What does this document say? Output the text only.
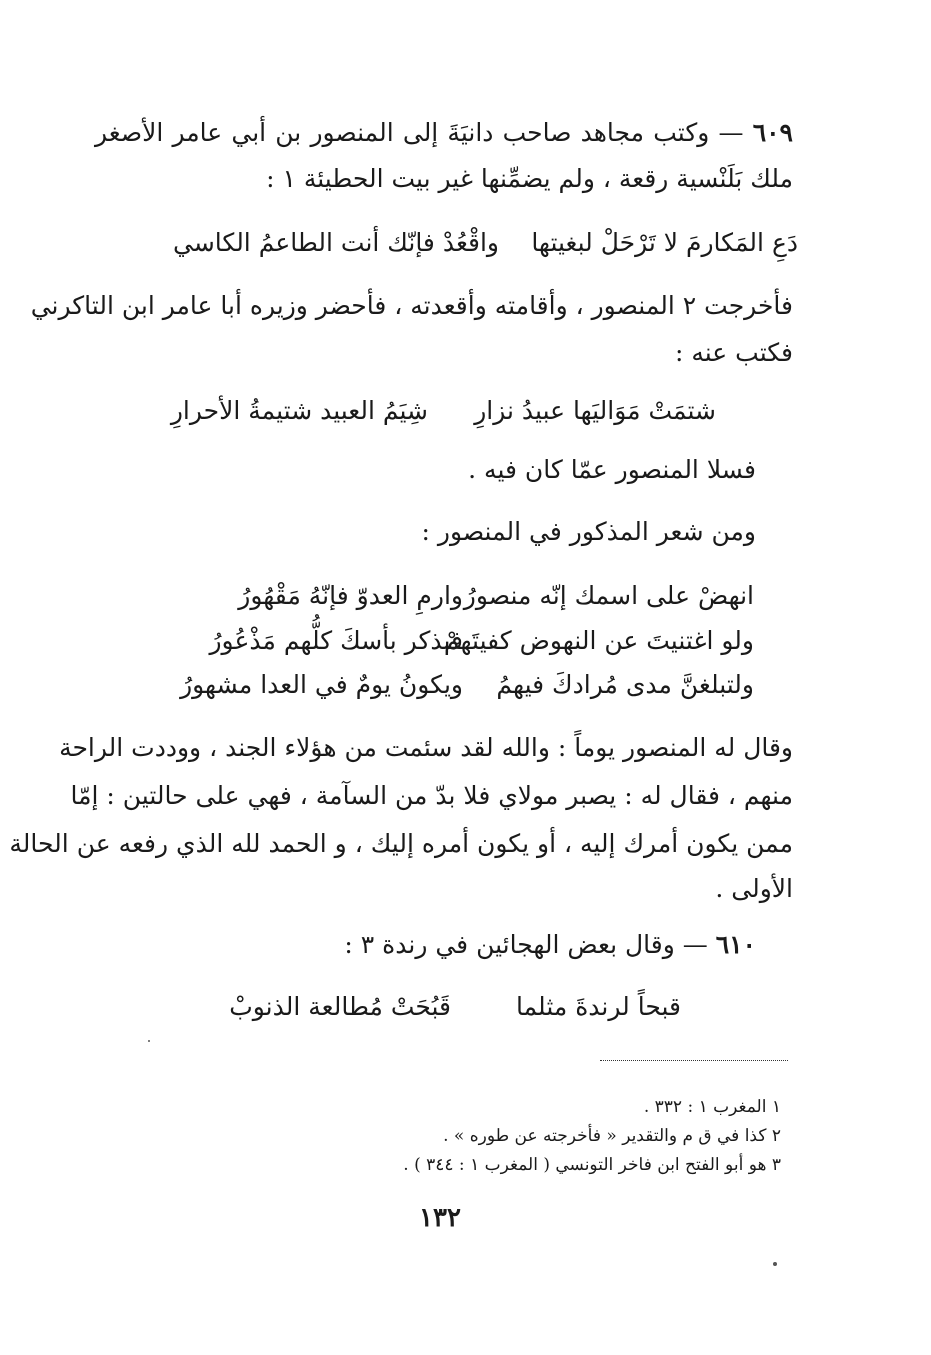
٦٠٩ — وكتب مجاهد صاحب دانيَةَ إلى المنصور بن أبي عامر الأصغر
ملك بَلَنْسية رقعة ، ولم يضمِّنها غير بيت الحطيئة ١ :
دَعِ المَكارمَ لا تَرْحَلْ لبغيتها
واقْعُدْ فإنّك أنت الطاعمُ الكاسي
فأخرجت ٢ المنصور ، وأقامته وأقعدته ، فأحضر وزيره أبا عامر ابن التاكرني
فكتب عنه :
شتمَتْ مَوَاليَها عبيدُ نزارِ
شِيَمُ العبيد شتيمةُ الأحرارِ
فسلا المنصور عمّا كان فيه .
ومن شعر المذكور في المنصور :
انهضْ على اسمك إنّه منصورُ
وارمِ العدوّ فإنّهُ مَقْهُورُ
ولو اغتنيتَ عن النهوض كفيتَهمْ
فبذكر بأسكَ كلُّهم مَذْعُورُ
ولتبلغنَّ مدى مُرادكَ فيهمُ
ويكونُ يومٌ في العدا مشهورُ
وقال له المنصور يوماً : والله لقد سئمت من هؤلاء الجند ، ووددت الراحة
منهم ، فقال له : يصبر مولاي فلا بدّ من السآمة ، فهي على حالتين : إمّا
ممن يكون أمرك إليه ، أو يكون أمره إليك ، و الحمد لله الذي رفعه عن الحالة
الأولى .
٦١٠ — وقال بعض الهجائين في رندة ٣ :
قبحاً لرندةَ مثلما
قَبُحَتْ مُطالعة الذنوبْ
١ المغرب ١ : ٣٣٢ .
٢ كذا في ق م والتقدير « فأخرجته عن طوره » .
٣ هو أبو الفتح ابن فاخر التونسي ( المغرب ١ : ٣٤٤ ) .
١٣٢
